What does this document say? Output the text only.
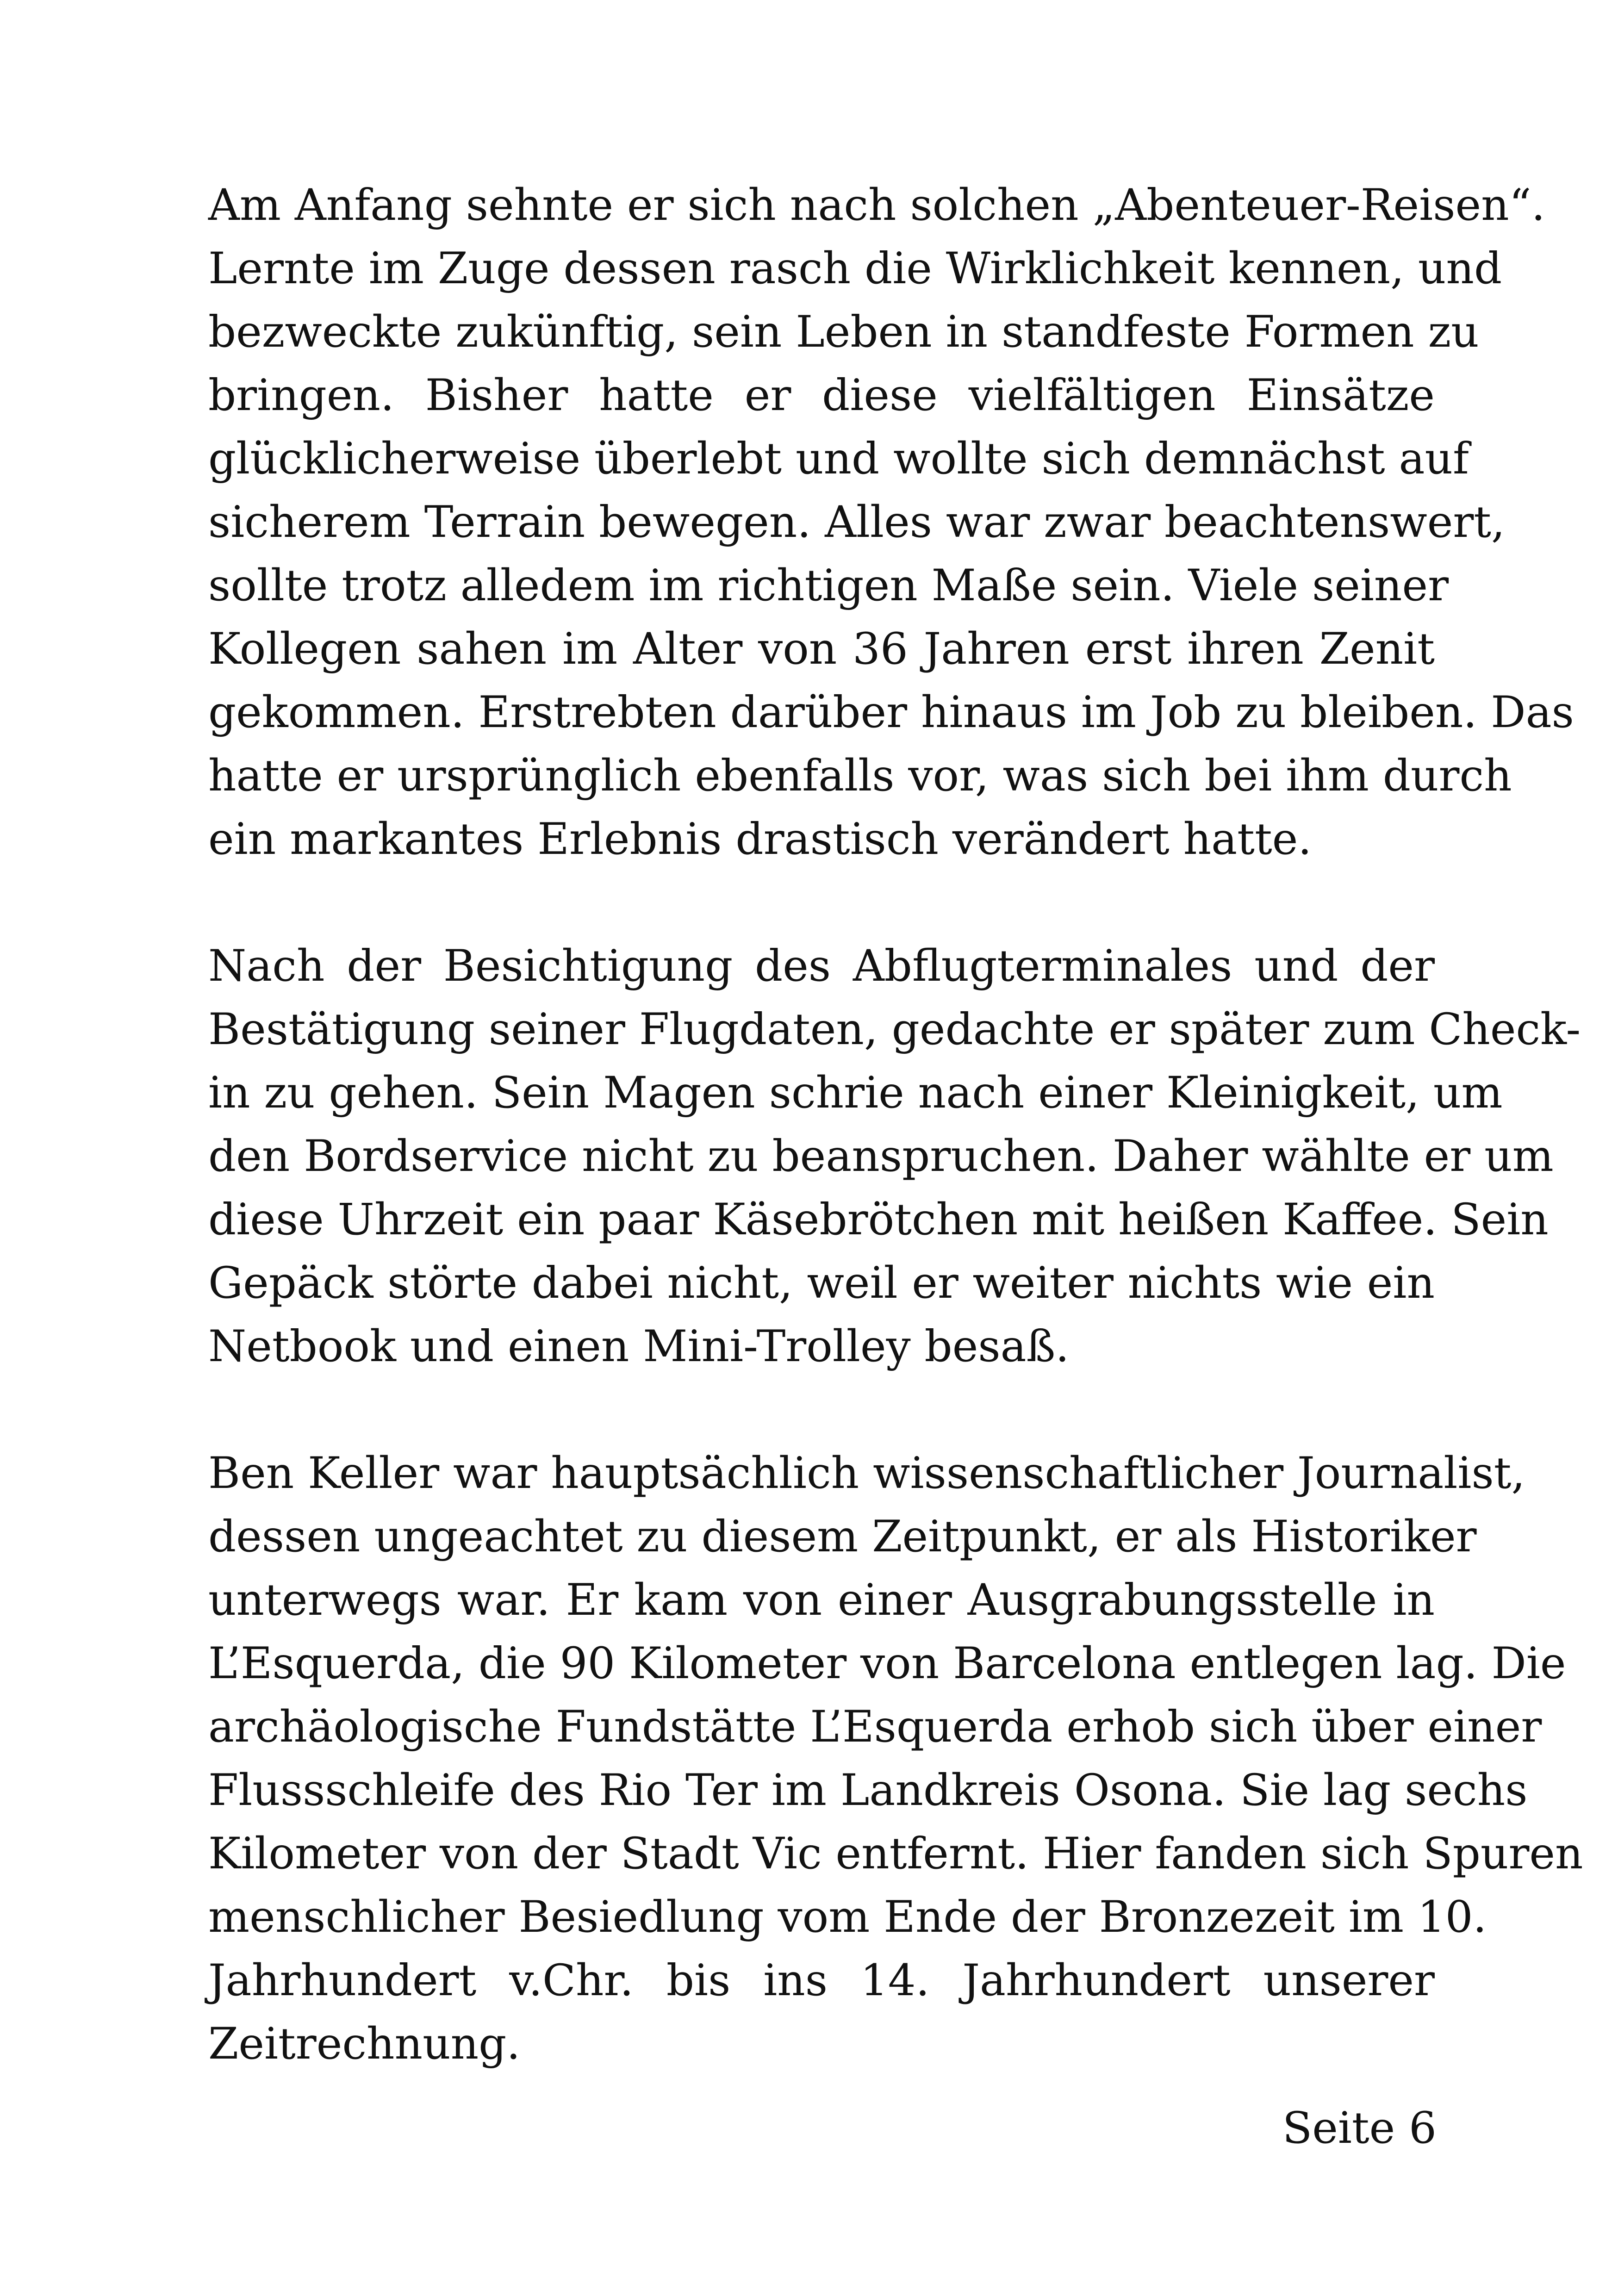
Am Anfang sehnte er sich nach solchen „Abenteuer-Reisen“.
Lernte im Zuge dessen rasch die Wirklichkeit kennen, und
bezweckte zukünftig, sein Leben in standfeste Formen zu
bringen. Bisher hatte er diese vielfältigen Einsätze
glücklicherweise überlebt und wollte sich demnächst auf
sicherem Terrain bewegen. Alles war zwar beachtenswert,
sollte trotz alledem im richtigen Maße sein. Viele seiner
Kollegen sahen im Alter von 36 Jahren erst ihren Zenit
gekommen. Erstrebten darüber hinaus im Job zu bleiben. Das
hatte er ursprünglich ebenfalls vor, was sich bei ihm durch
ein markantes Erlebnis drastisch verändert hatte.

Nach der Besichtigung des Abflugterminales und der
Bestätigung seiner Flugdaten, gedachte er später zum Check-
in zu gehen. Sein Magen schrie nach einer Kleinigkeit, um
den Bordservice nicht zu beanspruchen. Daher wählte er um
diese Uhrzeit ein paar Käsebrötchen mit heißen Kaffee. Sein
Gepäck störte dabei nicht, weil er weiter nichts wie ein
Netbook und einen Mini-Trolley besaß.

Ben Keller war hauptsächlich wissenschaftlicher Journalist,
dessen ungeachtet zu diesem Zeitpunkt, er als Historiker
unterwegs war. Er kam von einer Ausgrabungsstelle in
L’Esquerda, die 90 Kilometer von Barcelona entlegen lag. Die
archäologische Fundstätte L’Esquerda erhob sich über einer
Flussschleife des Rio Ter im Landkreis Osona. Sie lag sechs
Kilometer von der Stadt Vic entfernt. Hier fanden sich Spuren
menschlicher Besiedlung vom Ende der Bronzezeit im 10.
Jahrhundert v.Chr. bis ins 14. Jahrhundert unserer
Zeitrechnung.

Seite 6
